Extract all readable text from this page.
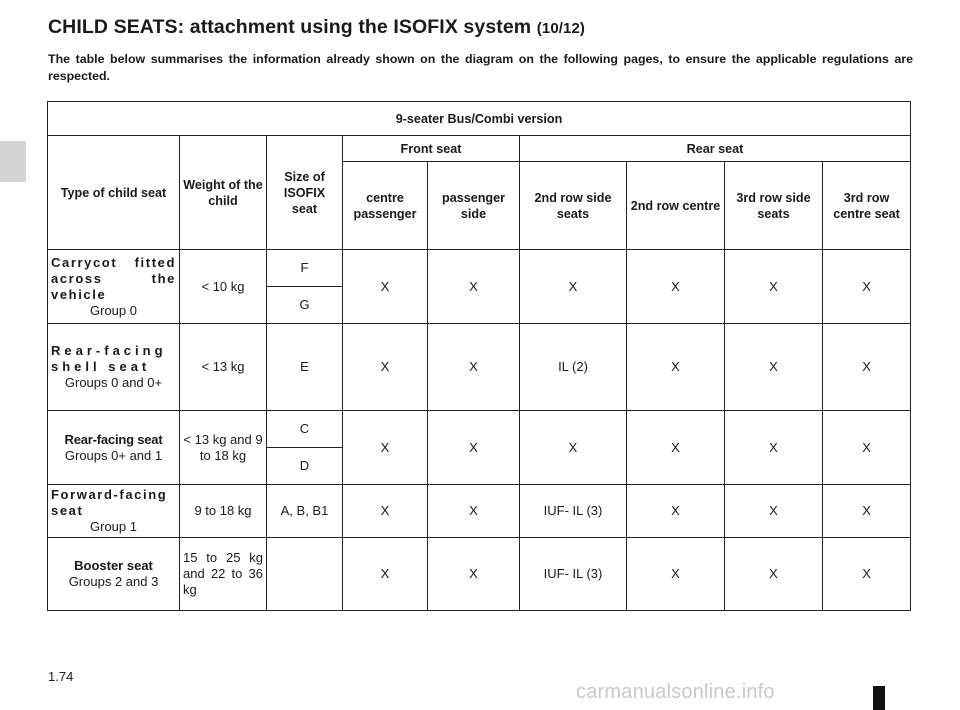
CHILD SEATS: attachment using the ISOFIX system (10/12)

The table below summarises the information already shown on the diagram on the following pages, to ensure the applicable regulations are respected.

9-seater Bus/Combi version								
Type of child seat	Weight of the child	Size of ISOFIX seat	Front seat		Rear seat			
			centre passenger	passenger side	2nd row side seats	2nd row centre	3rd row side seats	3rd row centre seat

Carrycot fitted across the vehicle
Group 0	< 10 kg	F	X	X	X	X	X	X
		G						

Rear-facing shell seat
Groups 0 and 0+	< 13 kg	E	X	X	IL (2)	X	X	X

Rear-facing seat
Groups 0+ and 1	< 13 kg and 9 to 18 kg	C	X	X	X	X	X	X
		D						

Forward-facing seat
Group 1	9 to 18 kg	A, B, B1	X	X	IUF- IL (3)	X	X	X

Booster seat
Groups 2 and 3	15 to 25 kg and 22 to 36 kg		X	X	IUF- IL (3)	X	X	X
1.74
carmanualsonline.info
